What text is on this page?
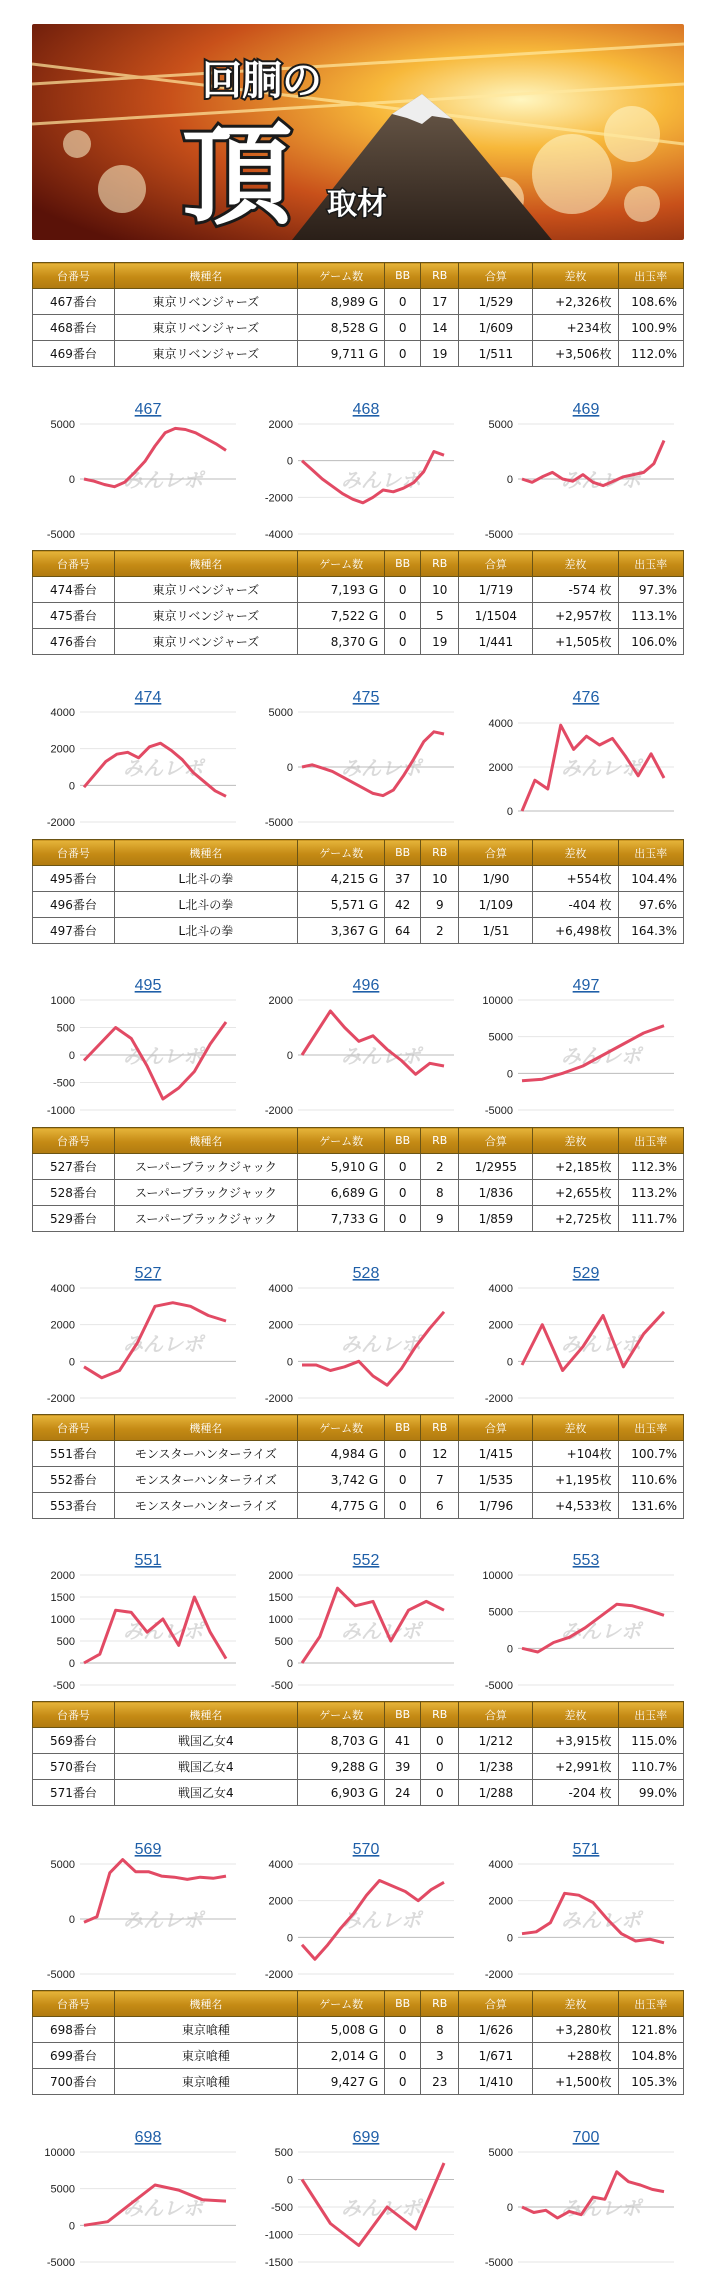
回胴の
頂 取材
台番号	機種名	ゲーム数	BB	RB	合算	差枚	出玉率
467番台	東京リベンジャーズ	8,989 G	0	17	1/529	+2,326枚	108.6%
468番台	東京リベンジャーズ	8,528 G	0	14	1/609	+234枚	100.9%
469番台	東京リベンジャーズ	9,711 G	0	19	1/511	+3,506枚	112.0%
台番号	機種名	ゲーム数	BB	RB	合算	差枚	出玉率
474番台	東京リベンジャーズ	7,193 G	0	10	1/719	-574 枚	97.3%
475番台	東京リベンジャーズ	7,522 G	0	5	1/1504	+2,957枚	113.1%
476番台	東京リベンジャーズ	8,370 G	0	19	1/441	+1,505枚	106.0%
台番号	機種名	ゲーム数	BB	RB	合算	差枚	出玉率
495番台	L北斗の拳	4,215 G	37	10	1/90	+554枚	104.4%
496番台	L北斗の拳	5,571 G	42	9	1/109	-404 枚	97.6%
497番台	L北斗の拳	3,367 G	64	2	1/51	+6,498枚	164.3%
台番号	機種名	ゲーム数	BB	RB	合算	差枚	出玉率
527番台	スーパーブラックジャック	5,910 G	0	2	1/2955	+2,185枚	112.3%
528番台	スーパーブラックジャック	6,689 G	0	8	1/836	+2,655枚	113.2%
529番台	スーパーブラックジャック	7,733 G	0	9	1/859	+2,725枚	111.7%
台番号	機種名	ゲーム数	BB	RB	合算	差枚	出玉率
551番台	モンスターハンターライズ	4,984 G	0	12	1/415	+104枚	100.7%
552番台	モンスターハンターライズ	3,742 G	0	7	1/535	+1,195枚	110.6%
553番台	モンスターハンターライズ	4,775 G	0	6	1/796	+4,533枚	131.6%
台番号	機種名	ゲーム数	BB	RB	合算	差枚	出玉率
569番台	戦国乙女4	8,703 G	41	0	1/212	+3,915枚	115.0%
570番台	戦国乙女4	9,288 G	39	0	1/238	+2,991枚	110.7%
571番台	戦国乙女4	6,903 G	24	0	1/288	-204 枚	99.0%
台番号	機種名	ゲーム数	BB	RB	合算	差枚	出玉率
698番台	東京喰種	5,008 G	0	8	1/626	+3,280枚	121.8%
699番台	東京喰種	2,014 G	0	3	1/671	+288枚	104.8%
700番台	東京喰種	9,427 G	0	23	1/410	+1,500枚	105.3%
467
5000
0
-5000
みんレポ
468
2000
0
-2000
-4000
みんレポ
469
5000
0
-5000
みんレポ
474
4000
2000
0
-2000
みんレポ
475
5000
0
-5000
みんレポ
476
4000
2000
0
みんレポ
495
1000
500
0
-500
-1000
みんレポ
496
2000
0
-2000
みんレポ
497
10000
5000
0
-5000
みんレポ
527
4000
2000
0
-2000
みんレポ
528
4000
2000
0
-2000
みんレポ
529
4000
2000
0
-2000
みんレポ
551
2000
1500
1000
500
0
-500
みんレポ
552
2000
1500
1000
500
0
-500
みんレポ
553
10000
5000
0
-5000
みんレポ
569
5000
0
-5000
みんレポ
570
4000
2000
0
-2000
みんレポ
571
4000
2000
0
-2000
みんレポ
698
10000
5000
0
-5000
みんレポ
699
500
0
-500
-1000
-1500
みんレポ
700
5000
0
-5000
みんレポ
